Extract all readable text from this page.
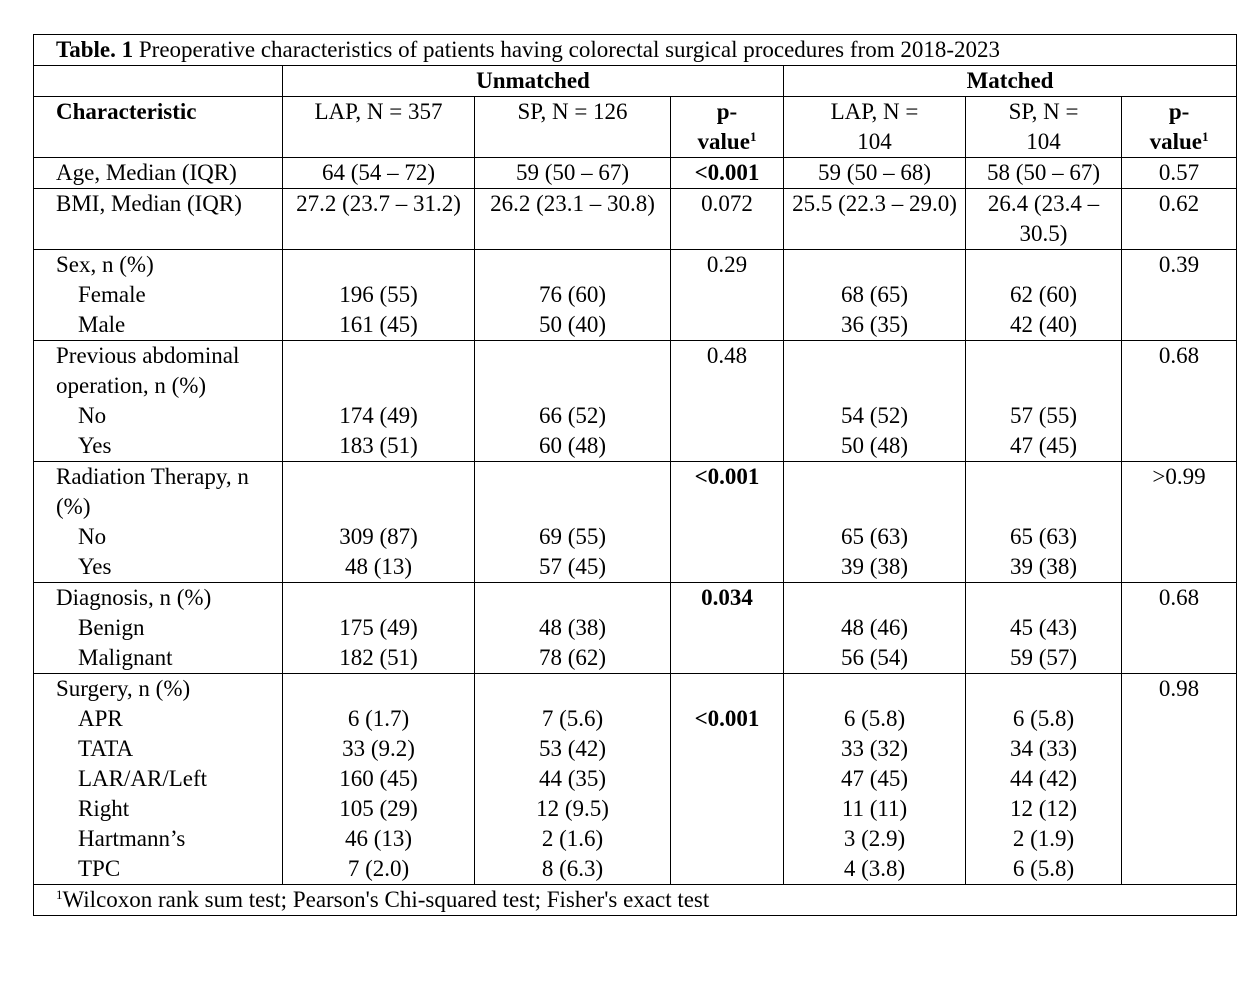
Table. 1 Preoperative characteristics of patients having colorectal surgical procedures from 2018-2023						
	Unmatched			Matched		
Characteristic	LAP, N = 357	SP, N = 126	p-value$^1$	LAP, N = 104	SP, N = 104	p-value$^1$
Age, Median (IQR)	64 (54 – 72)	59 (50 – 67)	<0.001	59 (50 – 68)	58 (50 – 67)	0.57
BMI, Median (IQR)	27.2 (23.7 – 31.2)	26.2 (23.1 – 30.8)	0.072	25.5 (22.3 – 29.0)	26.4 (23.4 – 30.5)	0.62
Sex, n (%)			0.29			0.39
Female	196 (55)	76 (60)		68 (65)	62 (60)	
Male	161 (45)	50 (40)		36 (35)	42 (40)	
Previous abdominal operation, n (%)			0.48			0.68
No	174 (49)	66 (52)		54 (52)	57 (55)	
Yes	183 (51)	60 (48)		50 (48)	47 (45)	
Radiation Therapy, n (%)			<0.001			>0.99
No	309 (87)	69 (55)		65 (63)	65 (63)	
Yes	48 (13)	57 (45)		39 (38)	39 (38)	
Diagnosis, n (%)			0.034			0.68
Benign	175 (49)	48 (38)		48 (46)	45 (43)	
Malignant	182 (51)	78 (62)		56 (54)	59 (57)	
Surgery, n (%)						0.98
APR	6 (1.7)	7 (5.6)	<0.001	6 (5.8)	6 (5.8)	
TATA	33 (9.2)	53 (42)		33 (32)	34 (33)	
LAR/AR/Left	160 (45)	44 (35)		47 (45)	44 (42)	
Right	105 (29)	12 (9.5)		11 (11)	12 (12)	
Hartmann’s	46 (13)	2 (1.6)		3 (2.9)	2 (1.9)	
TPC	7 (2.0)	8 (6.3)		4 (3.8)	6 (5.8)	
$^1$Wilcoxon rank sum test; Pearson's Chi-squared test; Fisher's exact test						
